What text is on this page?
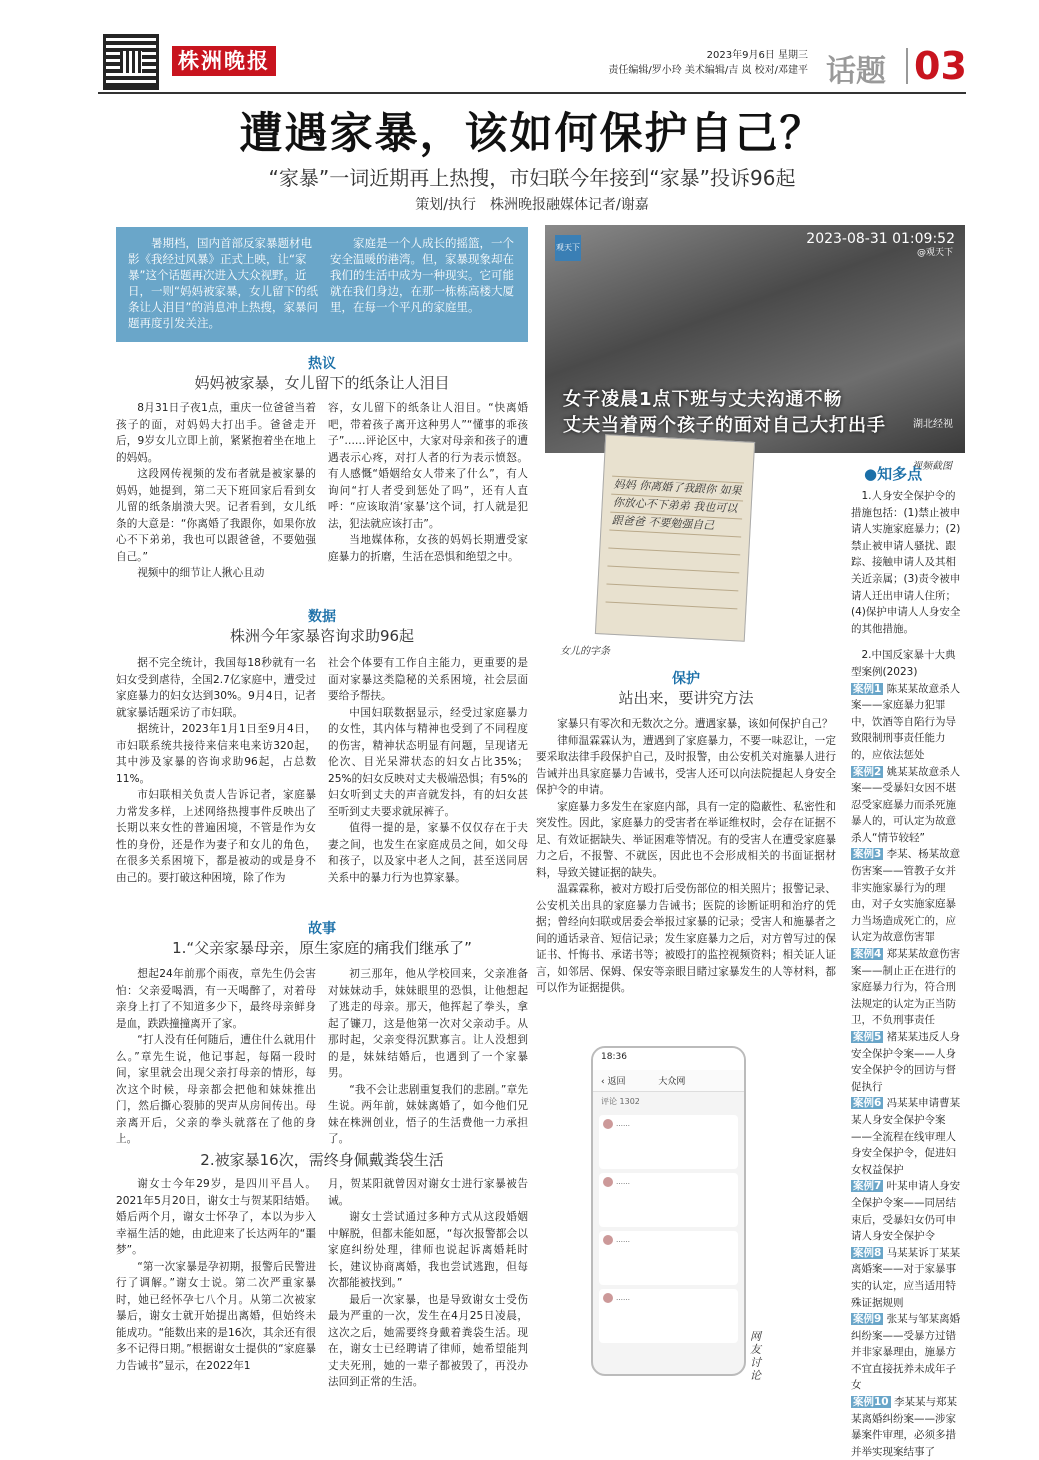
株洲晚报	2023年9月6日 星期三
责任编辑/罗小玲 美术编辑/吉 岚 校对/邓建平 话题 03
遭遇家暴，该如何保护自己？
“家暴”一词近期再上热搜，市妇联今年接到“家暴”投诉96起
策划/执行　株洲晚报融媒体记者/谢嘉
暑期档，国内首部反家暴题材电影《我经过风暴》正式上映，让“家暴”这个话题再次进入大众视野。近日，一则“妈妈被家暴，女儿留下的纸条让人泪目”的消息冲上热搜，家暴问题再度引发关注。
家庭是一个人成长的摇篮，一个安全温暖的港湾。但，家暴现象却在我们的生活中成为一种现实。它可能就在我们身边，在那一栋栋高楼大厦里，在每一个平凡的家庭里。
热议
妈妈被家暴，女儿留下的纸条让人泪目

8月31日子夜1点，重庆一位爸爸当着孩子的面，对妈妈大打出手。爸爸走开后，9岁女儿立即上前，紧紧抱着坐在地上的妈妈。

这段网传视频的发布者就是被家暴的妈妈，她提到，第二天下班回家后看到女儿留的纸条崩溃大哭。记者看到，女儿纸条的大意是：“你离婚了我跟你，如果你放心不下弟弟，我也可以跟爸爸，不要勉强自己。”

视频中的细节让人揪心且动

容，女儿留下的纸条让人泪目。“快离婚吧，带着孩子离开这种男人”“懂事的乖孩子”……评论区中，大家对母亲和孩子的遭遇表示心疼，对打人者的行为表示愤怒。有人感慨“婚姻给女人带来了什么”，有人询问“打人者受到惩处了吗”，还有人直呼：“应该取消‘家暴’这个词，打人就是犯法，犯法就应该打击”。

当地媒体称，女孩的妈妈长期遭受家庭暴力的折磨，生活在恐惧和绝望之中。

数据
株洲今年家暴咨询求助96起

据不完全统计，我国每18秒就有一名妇女受到虐待，全国2.7亿家庭中，遭受过家庭暴力的妇女达到30%。9月4日，记者就家暴话题采访了市妇联。

据统计，2023年1月1日至9月4日，市妇联系统共接待来信来电来访320起，其中涉及家暴的咨询求助96起，占总数11%。

市妇联相关负责人告诉记者，家庭暴力常发多样，上述网络热搜事件反映出了长期以来女性的普遍困境，不管是作为女性的身份，还是作为妻子和女儿的角色，在很多关系困境下，都是被动的或是身不由己的。要打破这种困境，除了作为

社会个体要有工作自主能力，更重要的是面对家暴这类隐秘的关系困境，社会层面要给予帮扶。

中国妇联数据显示，经受过家庭暴力的女性，其内体与精神也受到了不同程度的伤害，精神状态明显有问题，呈现诸无伦次、目光呆滞状态的妇女占比35%；25%的妇女反映对丈夫极端恐惧；有5%的妇女听到丈夫的声音就发抖，有的妇女甚至听到丈夫要求就尿裤子。

值得一提的是，家暴不仅仅存在于夫妻之间，也发生在家庭成员之间，如父母和孩子，以及家中老人之间，甚至送同居关系中的暴力行为也算家暴。

故事
1.“父亲家暴母亲，原生家庭的痛我们继承了”

想起24年前那个雨夜，章先生仍会害怕：父亲爱喝酒，有一天喝醉了，对着母亲身上打了不知道多少下，最终母亲鲜身是血，跌跌撞撞离开了家。

“打人没有任何随后，遭住什么就用什么。”章先生说，他记事起，每隔一段时间，家里就会出现父亲打母亲的情形，每次这个时候，母亲都会把他和妹妹推出门，然后撕心裂肺的哭声从房间传出。母亲离开后，父亲的拳头就落在了他的身上。

初三那年，他从学校回来，父亲准备对妹妹动手，妹妹眼里的恐惧，让他想起了逃走的母亲。那天，他挥起了拳头，拿起了镰刀，这是他第一次对父亲动手。从那时起，父亲变得沉默寡言。让人没想到的是，妹妹结婚后，也遇到了一个家暴男。

“我不会让悲剧重复我们的悲剧。”章先生说。两年前，妹妹离婚了，如今他们兄妹在株洲创业，悟子的生活费他一力承担了。

2.被家暴16次，需终身佩戴粪袋生活

谢女士今年29岁，是四川平昌人。2021年5月20日，谢女士与贺某阳结婚。婚后两个月，谢女士怀孕了，本以为步入幸福生活的她，由此迎来了长达两年的“噩梦”。

“第一次家暴是孕初期，报警后民警进行了调解。”谢女士说。第二次严重家暴时，她已经怀孕七八个月。从第二次被家暴后，谢女士就开始提出离婚，但始终未能成功。“能数出来的是16次，其余还有很多不记得日期。”根据谢女士提供的“家庭暴力告诫书”显示，在2022年1

月，贺某阳就曾因对谢女士进行家暴被告诫。

谢女士尝试通过多种方式从这段婚姻中解脱，但都未能如愿，“每次报警都会以家庭纠纷处理，律师也说起诉离婚耗时长，建议协商离婚，我也尝试逃跑，但每次都能被找到。”

最后一次家暴，也是导致谢女士受伤最为严重的一次，发生在4月25日凌晨，这次之后，她需要终身戴着粪袋生活。现在，谢女士已经聘请了律师，她希望能判丈夫死刑，她的一辈子都被毁了，再没办法回到正常的生活。

观天下
2023-08-31 01:09:52
@观天下
女子凌晨1点下班与丈夫沟通不畅
丈夫当着两个孩子的面对自己大打出手	湖北经视
视频截图
妈妈 你离婚了我跟你 如果你放心不下弟弟 我也可以跟爸爸 不要勉强自己
女儿的字条
保护
站出来，要讲究方法

家暴只有零次和无数次之分。遭遇家暴，该如何保护自己？

律师温霖霖认为，遭遇到了家庭暴力，不要一味忍让，一定要采取法律手段保护自己，及时报警，由公安机关对施暴人进行告诫并出具家庭暴力告诫书，受害人还可以向法院提起人身安全保护令的申请。

家庭暴力多发生在家庭内部，具有一定的隐蔽性、私密性和突发性。因此，家庭暴力的受害者在举证维权时，会存在证据不足、有效证据缺失、举证困难等情况。有的受害人在遭受家庭暴力之后，不报警、不就医，因此也不会形成相关的书面证据材料，导致关键证据的缺失。

温霖霖称，被对方殴打后受伤部位的相关照片；报警记录、公安机关出具的家庭暴力告诫书；医院的诊断证明和治疗的凭据；曾经向妇联或居委会举报过家暴的记录；受害人和施暴者之间的通话录音、短信记录；发生家庭暴力之后，对方曾写过的保证书、忏悔书、承诺书等；被殴打的监控视频资料；相关证人证言，如邻居、保姆、保安等亲眼目睹过家暴发生的人等材料，都可以作为证据提供。

18:36
‹ 返回	大众网
评论 1302
……
……
……
……
网友讨论
●知多点

1.人身安全保护令的措施包括：(1)禁止被申请人实施家庭暴力；(2)禁止被申请人骚扰、跟踪、接触申请人及其相关近亲属；(3)责令被申请人迁出申请人住所；(4)保护申请人人身安全的其他措施。

2.中国反家暴十大典型案例(2023)

案例1 陈某某故意杀人案——家庭暴力犯罪中，饮酒等自陷行为导致限制刑事责任能力的，应依法惩处

案例2 姚某某故意杀人案——受暴妇女因不堪忍受家庭暴力而杀死施暴人的，可认定为故意杀人“情节较轻”

案例3 李某、杨某故意伤害案——管教子女并非实施家暴行为的理由，对子女实施家庭暴力当场造成死亡的，应认定为故意伤害罪

案例4 郑某某故意伤害案——制止正在进行的家庭暴力行为，符合刑法规定的认定为正当防卫，不负刑事责任

案例5 褚某某违反人身安全保护令案——人身安全保护令的回访与督促执行

案例6 冯某某申请曹某某人身安全保护令案——全流程在线审理人身安全保护令，促进妇女权益保护

案例7 叶某申请人身安全保护令案——同居结束后，受暴妇女仍可申请人身安全保护令

案例8 马某某诉丁某某离婚案——对于家暴事实的认定，应当适用特殊证据规则

案例9 张某与邹某离婚纠纷案——受暴方过错并非家暴理由，施暴方不宜直接抚养未成年子女

案例10 李某某与郑某某离婚纠纷案——涉家暴案件审理，必须多措并举实现案结事了
